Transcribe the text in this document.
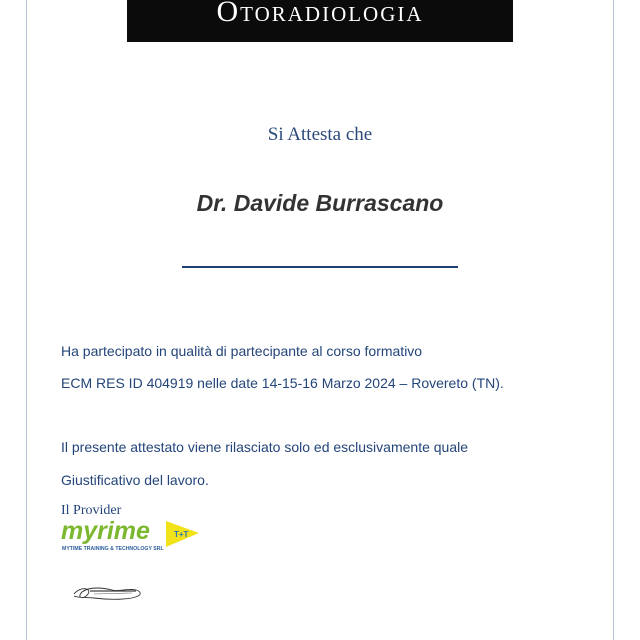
Otoradiologia
Si Attesta che
Dr. Davide Burrascano
Ha partecipato in qualità di partecipante al corso formativo
ECM RES ID 404919 nelle date 14-15-16 Marzo 2024 – Rovereto (TN).
Il presente attestato viene rilasciato solo ed esclusivamente quale
Giustificativo del lavoro.
Il Provider
myrime	T+T
MYTIME TRAINING & TECHNOLOGY SRL
